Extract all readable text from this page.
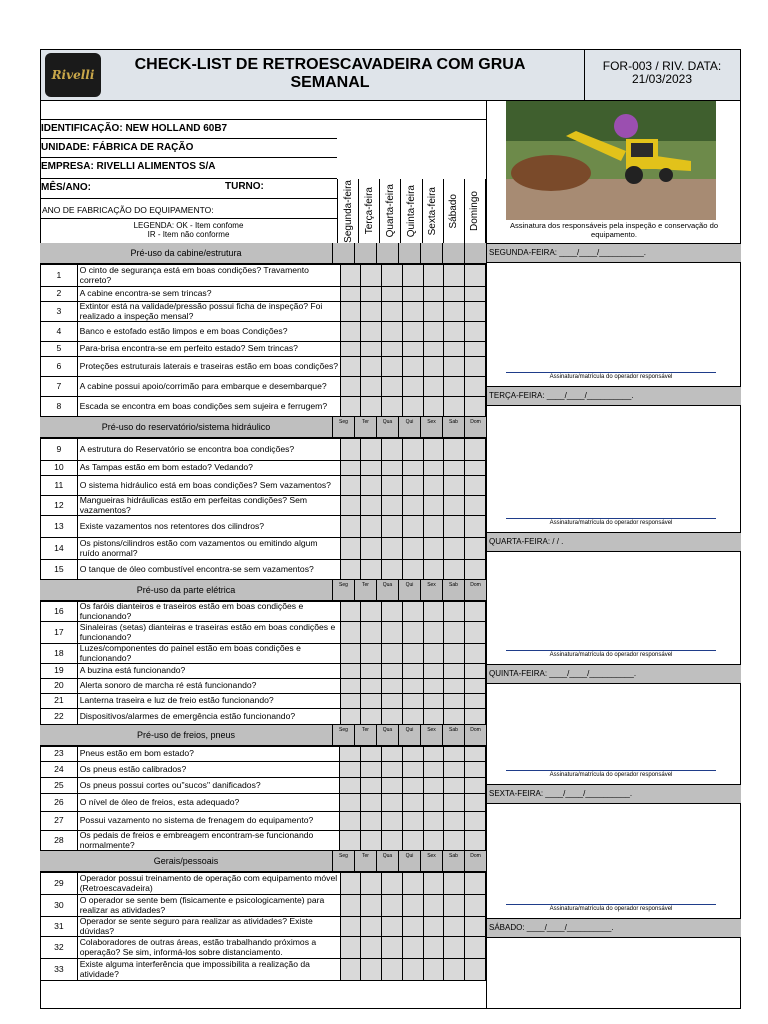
Rivelli
CHECK-LIST DE RETROESCAVADEIRA COM GRUA SEMANAL
FOR-003 / RIV. DATA: 21/03/2023
IDENTIFICAÇÃO: NEW HOLLAND 60B7
UNIDADE: FÁBRICA DE RAÇÃO
EMPRESA: RIVELLI ALIMENTOS S/A
MÊS/ANO:	TURNO:
ANO DE FABRICAÇÃO DO EQUIPAMENTO:
LEGENDA: OK - Item confome
IR - Item não conforme	Segunda-feira Terça-feira Quarta-feira Quinta-feira Sexta-feira Sábado Domingo
Pré-uso da cabine/estrutura
1	O cinto de segurança está em boas condições? Travamento correto?							
2	A cabine encontra-se sem trincas?							
3	Extintor está na validade/pressão possui ficha de inspeção? Foi realizado a inspeção mensal?							
4	Banco e estofado estão limpos e em boas Condições?							
5	Para-brisa encontra-se em perfeito estado? Sem trincas?							
6	Proteções estruturais laterais e traseiras estão em boas condições?							
7	A cabine possui apoio/corrimão para embarque e desembarque?							
8	Escada se encontra em boas condições sem sujeira e ferrugem?							
Pré-uso do reservatório/sistema hidráulico	Seg	Ter	Qua	Qui	Sex	Sab	Dom
9	A estrutura do Reservatório se encontra boa condições?							
10	As Tampas estão em bom estado? Vedando?							
11	O sistema hidráulico está em boas condições? Sem vazamentos?							
12	Mangueiras hidráulicas estão em perfeitas condições? Sem vazamentos?							
13	Existe vazamentos nos retentores dos cilindros?							
14	Os pistons/cilindros estão com vazamentos ou emitindo algum ruído anormal?							
15	O tanque de óleo combustível encontra-se sem vazamentos?							
Pré-uso da parte elétrica	Seg	Ter	Qua	Qui	Sex	Sab	Dom
16	Os faróis dianteiros e traseiros estão em boas condições e funcionando?							
17	Sinaleiras (setas) dianteiras e traseiras estão em boas condições e funcionando?							
18	Luzes/componentes do painel estão em boas condições e funcionando?							
19	A buzina está funcionando?							
20	Alerta sonoro de marcha ré está funcionando?							
21	Lanterna traseira e luz de freio estão funcionando?							
22	Dispositivos/alarmes de emergência estão funcionando?							
Pré-uso de freios, pneus	Seg	Ter	Qua	Qui	Sex	Sab	Dom
23	Pneus estão em bom estado?							
24	Os pneus estão calibrados?							
25	Os pneus possui cortes ou"sucos" danificados?							
26	O nível de óleo de freios, esta adequado?							
27	Possui vazamento no sistema de frenagem do equipamento?							
28	Os pedais de freios e embreagem encontram-se funcionando normalmente?							
Gerais/pessoais	Seg	Ter	Qua	Qui	Sex	Sab	Dom
29	Operador possui treinamento de operação com equipamento móvel (Retroescavadeira)							
30	O operador se sente bem (fisicamente e psicologicamente) para realizar as atividades?							
31	Operador se sente seguro para realizar as atividades? Existe dúvidas?							
32	Colaboradores de outras áreas, estão trabalhando próximos a operação? Se sim, informá-los sobre distanciamento.							
33	Existe alguma interferência que impossibilita a realização da atividade?							
Assinatura dos responsáveis pela inspeção e conservação do equipamento.
SEGUNDA-FEIRA: ____/____/__________.
Assinatura/matrícula do operador responsável
TERÇA-FEIRA: ____/____/__________.
Assinatura/matrícula do operador responsável
QUARTA-FEIRA: / / .
Assinatura/matrícula do operador responsável
QUINTA-FEIRA: ____/____/__________.
Assinatura/matrícula do operador responsável
SEXTA-FEIRA: ____/____/__________.
Assinatura/matrícula do operador responsável
SÁBADO: ____/____/__________.
